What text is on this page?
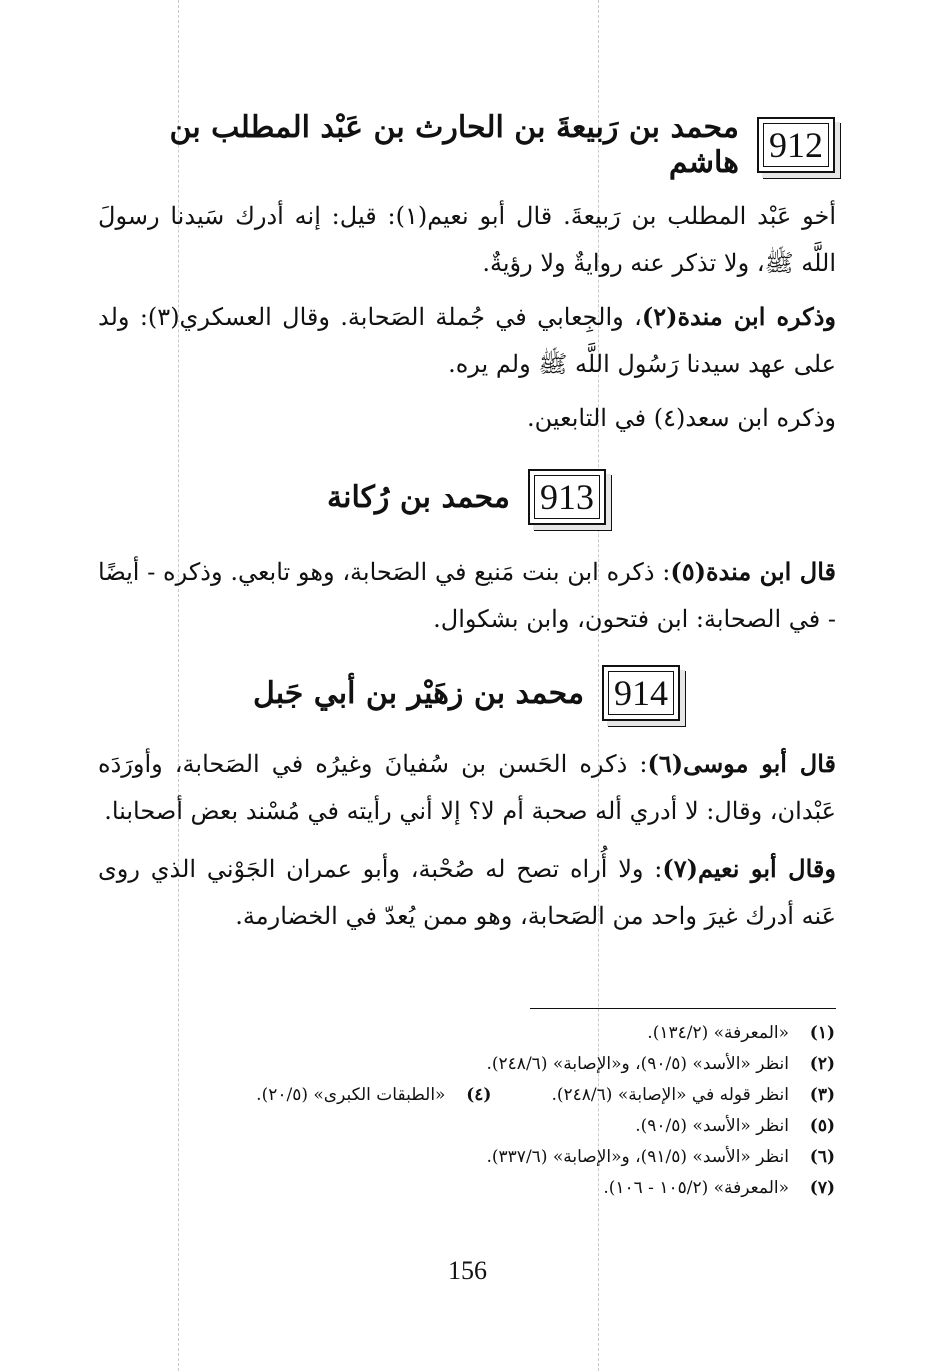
912
محمد بن رَبيعةَ بن الحارث بن عَبْد المطلب بن هاشم

أخو عَبْد المطلب بن رَبيعةَ. قال أبو نعيم(١): قيل: إنه أدرك سَيدنا رسولَ اللَّه ﷺ، ولا تذكر عنه روايةٌ ولا رؤيةٌ.

وذكره ابن مندة(٢)، والجِعابي في جُملة الصَحابة. وقال العسكري(٣): ولد على عهد سيدنا رَسُول اللَّه ﷺ ولم يره.

وذكره ابن سعد(٤) في التابعين.

913
محمد بن رُكانة

قال ابن مندة(٥): ذكره ابن بنت مَنيع في الصَحابة، وهو تابعي. وذكره - أيضًا - في الصحابة: ابن فتحون، وابن بشكوال.

914
محمد بن زهَيْر بن أبي جَبل

قال أبو موسى(٦): ذكره الحَسن بن سُفيانَ وغيرُه في الصَحابة، وأورَدَه عَبْدان، وقال: لا أدري أله صحبة أم لا؟ إلا أني رأيته في مُسْند بعض أصحابنا.

وقال أبو نعيم(٧): ولا أُراه تصح له صُحْبة، وأبو عمران الجَوْني الذي روى عَنه أدرك غيرَ واحد من الصَحابة، وهو ممن يُعدّ في الخضارمة.

(١)
«المعرفة» (١٣٤/٢).
(٢)
انظر «الأسد» (٩٠/٥)، و«الإصابة» (٢٤٨/٦).
(٣)
انظر قوله في «الإصابة» (٢٤٨/٦).
(٤)
«الطبقات الكبرى» (٢٠/٥).
(٥)
انظر «الأسد» (٩٠/٥).
(٦)
انظر «الأسد» (٩١/٥)، و«الإصابة» (٣٣٧/٦).
(٧)
«المعرفة» (١٠٥/٢ - ١٠٦).
156
